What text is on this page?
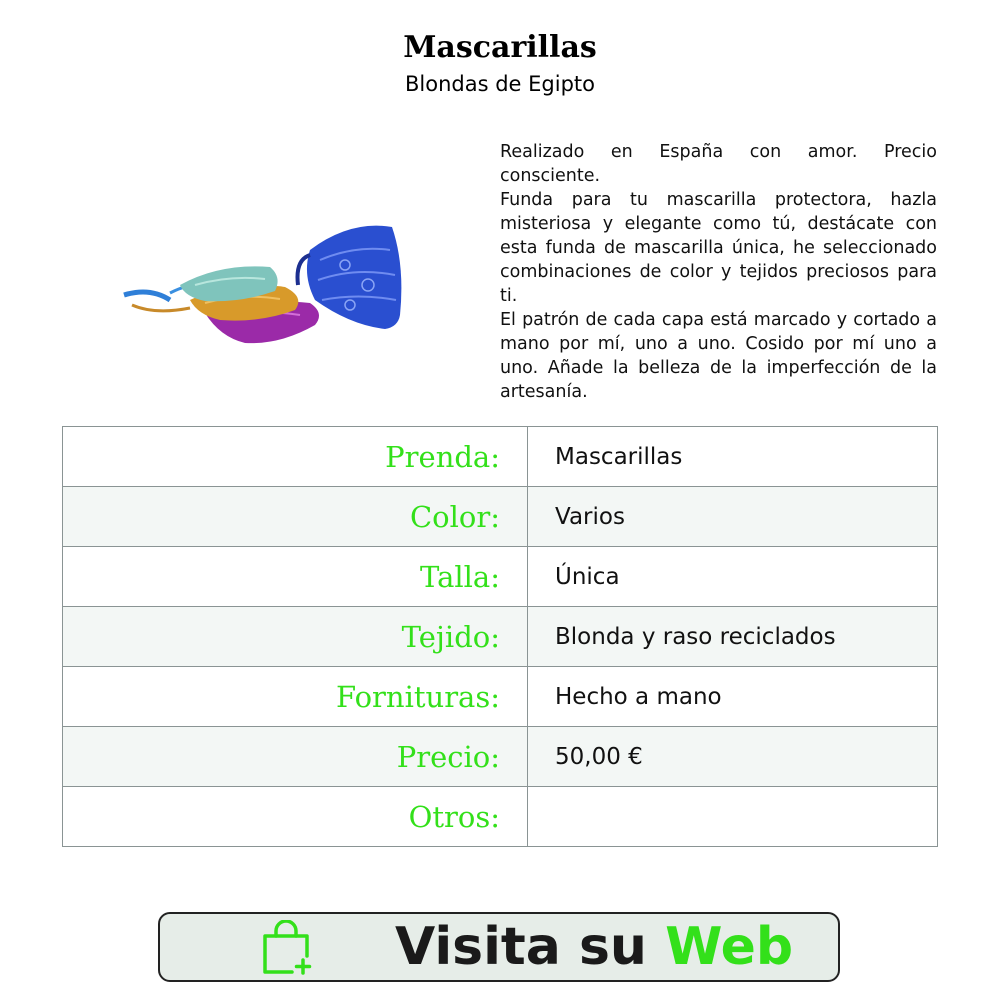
Mascarillas
Blondas de Egipto

Realizado en España con amor. Precio consciente.

Funda para tu mascarilla protectora, hazla misteriosa y elegante como tú, destácate con esta funda de mascarilla única, he seleccionado combinaciones de color y tejidos preciosos para ti.

El patrón de cada capa está marcado y cortado a mano por mí, uno a uno. Cosido por mí uno a uno. Añade la belleza de la imperfección de la artesanía.

Prenda:	Mascarillas
Color:	Varios
Talla:	Única
Tejido:	Blonda y raso reciclados
Fornituras:	Hecho a mano
Precio:	50,00 €
Otros:	
Visita su Web
